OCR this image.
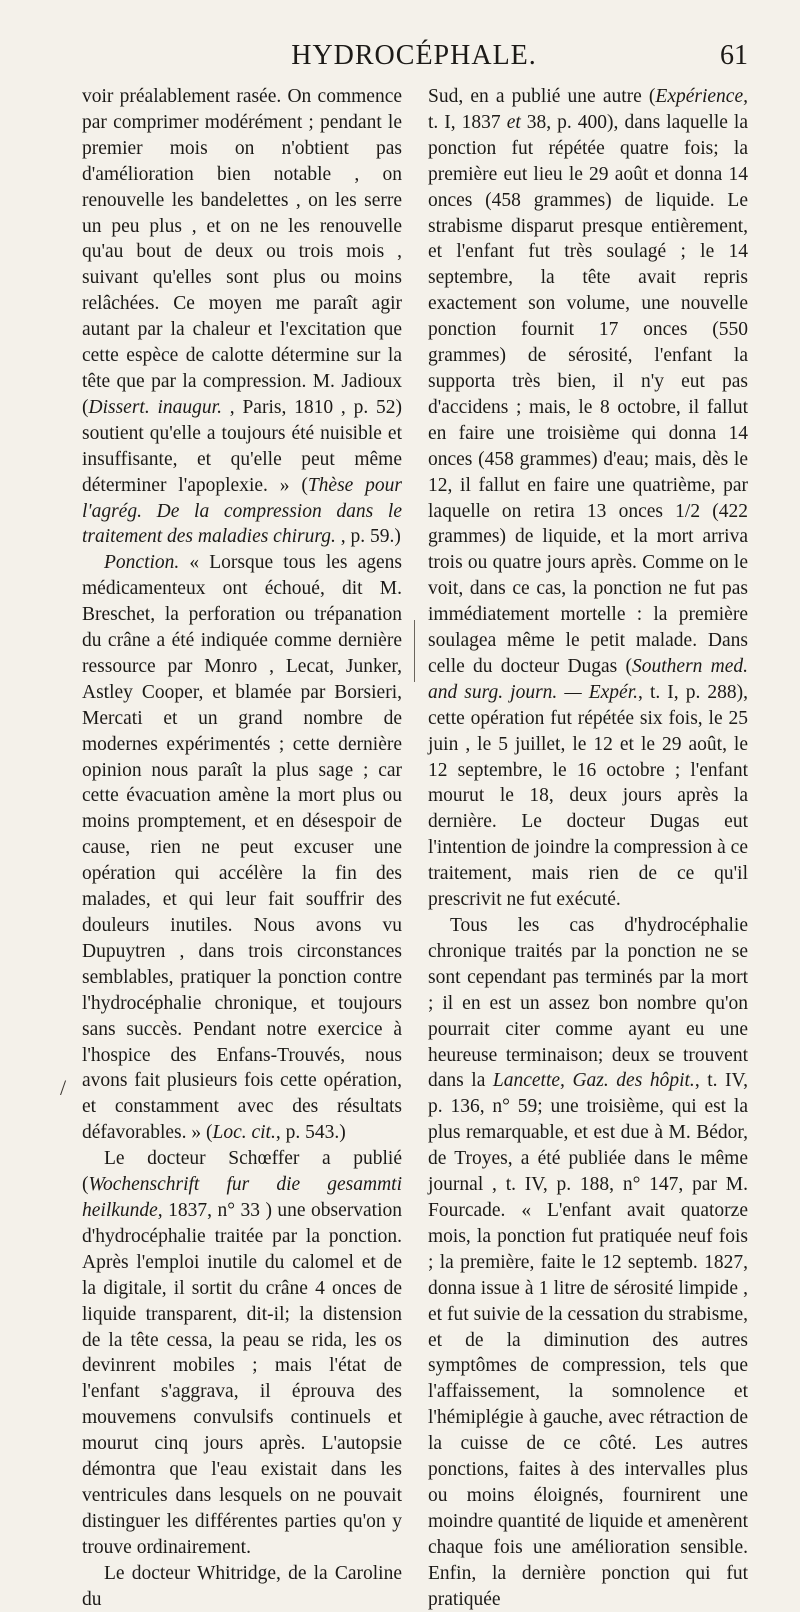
HYDROCÉPHALE.	61
/

voir préalablement rasée. On commence par comprimer modérément ; pendant le premier mois on n'obtient pas d'amélioration bien notable , on renouvelle les bandelettes , on les serre un peu plus , et on ne les renouvelle qu'au bout de deux ou trois mois , suivant qu'elles sont plus ou moins relâchées. Ce moyen me paraît agir autant par la chaleur et l'excitation que cette espèce de calotte détermine sur la tête que par la compression. M. Jadioux (Dissert. inaugur. , Paris, 1810 , p. 52) soutient qu'elle a toujours été nuisible et insuffisante, et qu'elle peut même déterminer l'apoplexie. » (Thèse pour l'agrég. De la compression dans le traitement des maladies chirurg. , p. 59.)

Ponction. « Lorsque tous les agens médicamenteux ont échoué, dit M. Breschet, la perforation ou trépanation du crâne a été indiquée comme dernière ressource par Monro , Lecat, Junker, Astley Cooper, et blamée par Borsieri, Mercati et un grand nombre de modernes expérimentés ; cette dernière opinion nous paraît la plus sage ; car cette évacuation amène la mort plus ou moins promptement, et en désespoir de cause, rien ne peut excuser une opération qui accélère la fin des malades, et qui leur fait souffrir des douleurs inutiles. Nous avons vu Dupuytren , dans trois circonstances semblables, pratiquer la ponction contre l'hydrocéphalie chronique, et toujours sans succès. Pendant notre exercice à l'hospice des Enfans-Trouvés, nous avons fait plusieurs fois cette opération, et constamment avec des résultats défavorables. » (Loc. cit., p. 543.)

Le docteur Schœffer a publié (Wochenschrift fur die gesammti heilkunde, 1837, n° 33 ) une observation d'hydrocéphalie traitée par la ponction. Après l'emploi inutile du calomel et de la digitale, il sortit du crâne 4 onces de liquide transparent, dit-il; la distension de la tête cessa, la peau se rida, les os devinrent mobiles ; mais l'état de l'enfant s'aggrava, il éprouva des mouvemens convulsifs continuels et mourut cinq jours après. L'autopsie démontra que l'eau existait dans les ventricules dans lesquels on ne pouvait distinguer les différentes parties qu'on y trouve ordinairement.

Le docteur Whitridge, de la Caroline du

Sud, en a publié une autre (Expérience, t. I, 1837 et 38, p. 400), dans laquelle la ponction fut répétée quatre fois; la première eut lieu le 29 août et donna 14 onces (458 grammes) de liquide. Le strabisme disparut presque entièrement, et l'enfant fut très soulagé ; le 14 septembre, la tête avait repris exactement son volume, une nouvelle ponction fournit 17 onces (550 grammes) de sérosité, l'enfant la supporta très bien, il n'y eut pas d'accidens ; mais, le 8 octobre, il fallut en faire une troisième qui donna 14 onces (458 grammes) d'eau; mais, dès le 12, il fallut en faire une quatrième, par laquelle on retira 13 onces 1/2 (422 grammes) de liquide, et la mort arriva trois ou quatre jours après. Comme on le voit, dans ce cas, la ponction ne fut pas immédiatement mortelle : la première soulagea même le petit malade. Dans celle du docteur Dugas (Southern med. and surg. journ. — Expér., t. I, p. 288), cette opération fut répétée six fois, le 25 juin , le 5 juillet, le 12 et le 29 août, le 12 septembre, le 16 octobre ; l'enfant mourut le 18, deux jours après la dernière. Le docteur Dugas eut l'intention de joindre la compression à ce traitement, mais rien de ce qu'il prescrivit ne fut exécuté.

Tous les cas d'hydrocéphalie chronique traités par la ponction ne se sont cependant pas terminés par la mort ; il en est un assez bon nombre qu'on pourrait citer comme ayant eu une heureuse terminaison; deux se trouvent dans la Lancette, Gaz. des hôpit., t. IV, p. 136, n° 59; une troisième, qui est la plus remarquable, et est due à M. Bédor, de Troyes, a été publiée dans le même journal , t. IV, p. 188, n° 147, par M. Fourcade. « L'enfant avait quatorze mois, la ponction fut pratiquée neuf fois ; la première, faite le 12 septemb. 1827, donna issue à 1 litre de sérosité limpide , et fut suivie de la cessation du strabisme, et de la diminution des autres symptômes de compression, tels que l'affaissement, la somnolence et l'hémiplégie à gauche, avec rétraction de la cuisse de ce côté. Les autres ponctions, faites à des intervalles plus ou moins éloignés, fournirent une moindre quantité de liquide et amenèrent chaque fois une amélioration sensible. Enfin, la dernière ponction qui fut pratiquée
